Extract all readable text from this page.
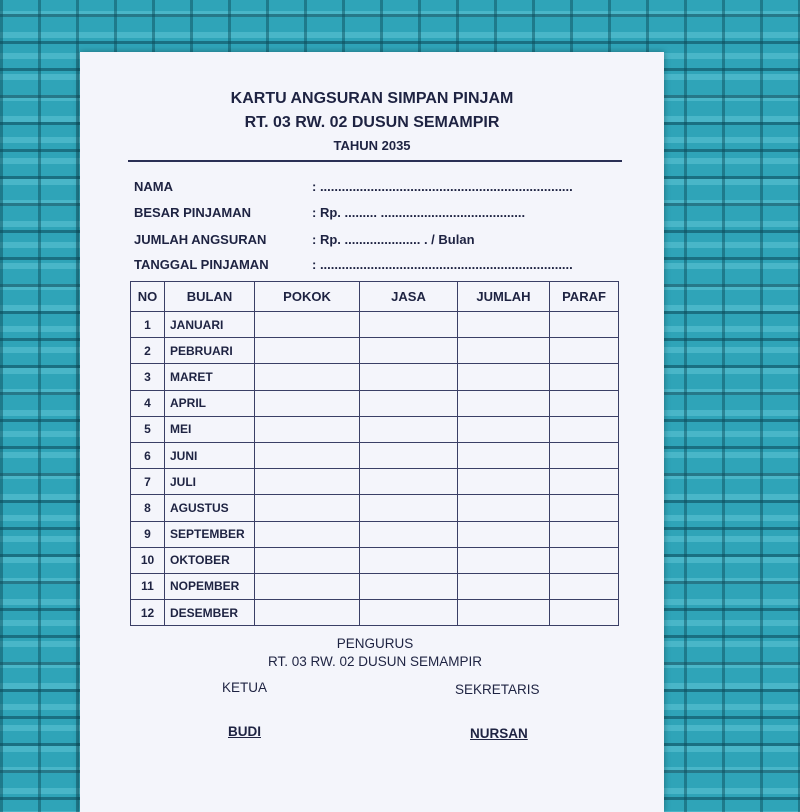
KARTU ANGSURAN SIMPAN PINJAM
RT. 03 RW. 02 DUSUN SEMAMPIR
TAHUN 2035
NAMA	: ......................................................................
BESAR PINJAMAN	: Rp. ......... ........................................
JUMLAH ANGSURAN	: Rp. ..................... . / Bulan
TANGGAL PINJAMAN	: ......................................................................
NO	BULAN	POKOK	JASA	JUMLAH	PARAF
1	JANUARI				
2	PEBRUARI				
3	MARET				
4	APRIL				
5	MEI				
6	JUNI				
7	JULI				
8	AGUSTUS				
9	SEPTEMBER				
10	OKTOBER				
11	NOPEMBER				
12	DESEMBER				
PENGURUS
RT. 03 RW. 02 DUSUN SEMAMPIR
KETUA	SEKRETARIS
BUDI	NURSAN
